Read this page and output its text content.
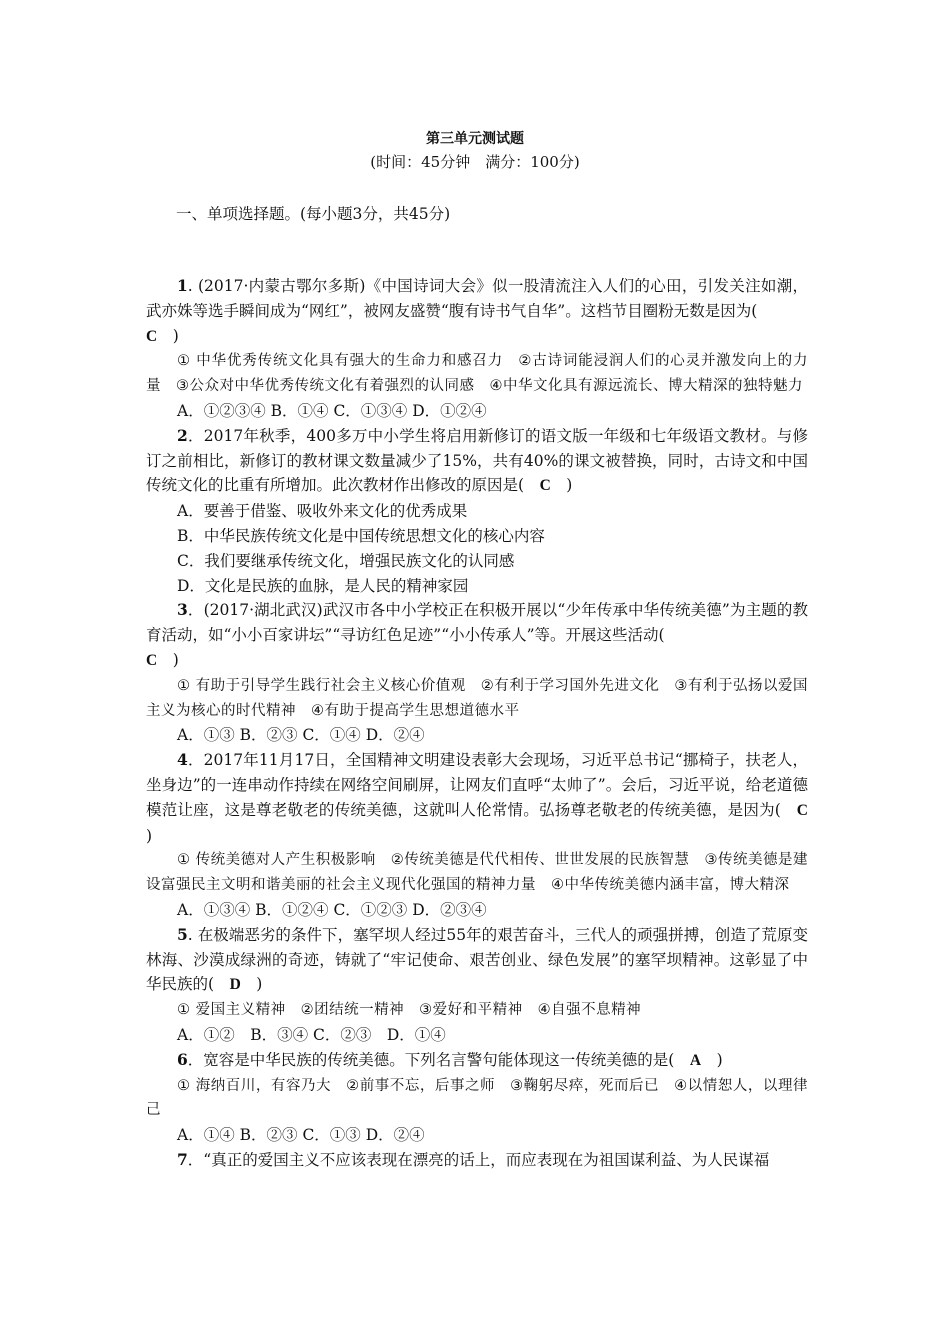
第三单元测试题
(时间：45分钟　满分：100分)
一、单项选择题。(每小题3分，共45分)

1. (2017·内蒙古鄂尔多斯)《中国诗词大会》似一股清流注入人们的心田，引发关注如潮，武亦姝等选手瞬间成为“网红”，被网友盛赞“腹有诗书气自华”。这档节目圈粉无数是因为(
C　 )

① 中华优秀传统文化具有强大的生命力和感召力　②古诗词能浸润人们的心灵并激发向上的力量　③公众对中华优秀传统文化有着强烈的认同感　④中华文化具有源远流长、博大精深的独特魅力

A．①②③④ B．①④ C．①③④ D．①②④

2．2017年秋季，400多万中小学生将启用新修订的语文版一年级和七年级语文教材。与修订之前相比，新修订的教材课文数量减少了15%，共有40%的课文被替换，同时，古诗文和中国传统文化的比重有所增加。此次教材作出修改的原因是(　 C　 )

A．要善于借鉴、吸收外来文化的优秀成果

B．中华民族传统文化是中国传统思想文化的核心内容

C．我们要继承传统文化，增强民族文化的认同感

D．文化是民族的血脉，是人民的精神家园

3．(2017·湖北武汉)武汉市各中小学校正在积极开展以“少年传承中华传统美德”为主题的教育活动，如“小小百家讲坛”“寻访红色足迹”“小小传承人”等。开展这些活动(
C　 )

① 有助于引导学生践行社会主义核心价值观　②有利于学习国外先进文化　③有利于弘扬以爱国主义为核心的时代精神　④有助于提高学生思想道德水平

A．①③ B．②③ C．①④ D．②④

4．2017年11月17日，全国精神文明建设表彰大会现场，习近平总书记“挪椅子，扶老人，坐身边”的一连串动作持续在网络空间刷屏，让网友们直呼“太帅了”。会后，习近平说，给老道德模范让座，这是尊老敬老的传统美德，这就叫人伦常情。弘扬尊老敬老的传统美德，是因为(　 C　)

① 传统美德对人产生积极影响　②传统美德是代代相传、世世发展的民族智慧　③传统美德是建设富强民主文明和谐美丽的社会主义现代化强国的精神力量　④中华传统美德内涵丰富，博大精深

A．①③④ B．①②④ C．①②③ D．②③④

5. 在极端恶劣的条件下，塞罕坝人经过55年的艰苦奋斗，三代人的顽强拼搏，创造了荒原变林海、沙漠成绿洲的奇迹，铸就了“牢记使命、艰苦创业、绿色发展”的塞罕坝精神。这彰显了中华民族的(　 D　 )

① 爱国主义精神　②团结统一精神　③爱好和平精神　④自强不息精神

A．①②　B．③④ C．②③　D．①④

6．宽容是中华民族的传统美德。下列名言警句能体现这一传统美德的是(　 A　 )

① 海纳百川，有容乃大　②前事不忘，后事之师　③鞠躬尽瘁，死而后已　④以情恕人，以理律己

A．①④ B．②③ C．①③ D．②④

7．“真正的爱国主义不应该表现在漂亮的话上，而应表现在为祖国谋利益、为人民谋福
